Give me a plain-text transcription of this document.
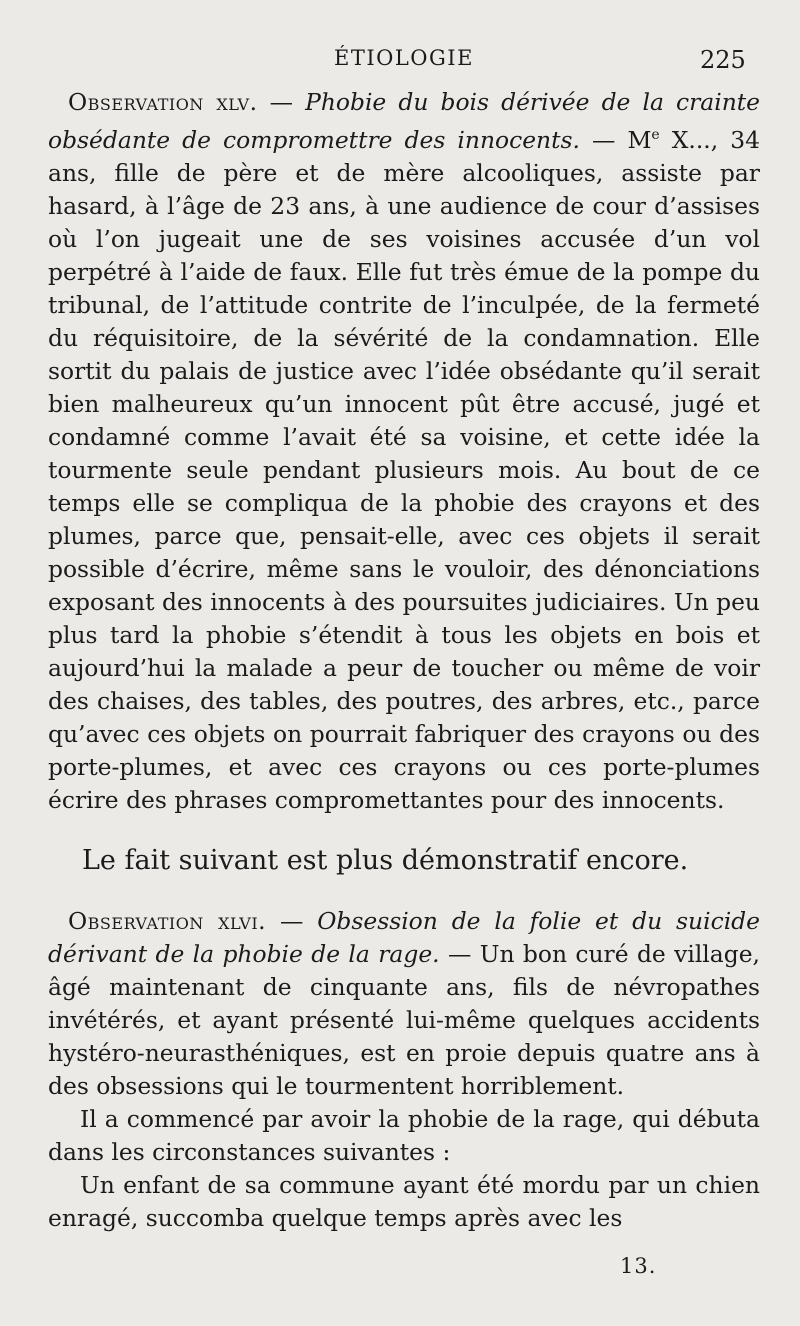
ÉTIOLOGIE	225

Observation xlv. — Phobie du bois dérivée de la crainte obsédante de compromettre des innocents. — Me X..., 34 ans, fille de père et de mère alcooliques, assiste par hasard, à l’âge de 23 ans, à une audience de cour d’assises où l’on jugeait une de ses voisines accusée d’un vol perpétré à l’aide de faux. Elle fut très émue de la pompe du tribunal, de l’attitude contrite de l’inculpée, de la fermeté du réquisitoire, de la sévérité de la condamnation. Elle sortit du palais de justice avec l’idée obsédante qu’il serait bien malheureux qu’un innocent pût être accusé, jugé et condamné comme l’avait été sa voisine, et cette idée la tourmente seule pendant plusieurs mois. Au bout de ce temps elle se compliqua de la phobie des crayons et des plumes, parce que, pensait-elle, avec ces objets il serait possible d’écrire, même sans le vouloir, des dénonciations exposant des innocents à des poursuites judiciaires. Un peu plus tard la phobie s’étendit à tous les objets en bois et aujourd’hui la malade a peur de toucher ou même de voir des chaises, des tables, des poutres, des arbres, etc., parce qu’avec ces objets on pourrait fabriquer des crayons ou des porte-plumes, et avec ces crayons ou ces porte-plumes écrire des phrases compromettantes pour des innocents.

Le fait suivant est plus démonstratif encore.

Observation xlvi. — Obsession de la folie et du suicide dérivant de la phobie de la rage. — Un bon curé de village, âgé maintenant de cinquante ans, fils de névropathes invétérés, et ayant présenté lui-même quelques accidents hystéro-neurasthéniques, est en proie depuis quatre ans à des obsessions qui le tourmentent horriblement.

Il a commencé par avoir la phobie de la rage, qui débuta dans les circonstances suivantes :

Un enfant de sa commune ayant été mordu par un chien enragé, succomba quelque temps après avec les

13.
